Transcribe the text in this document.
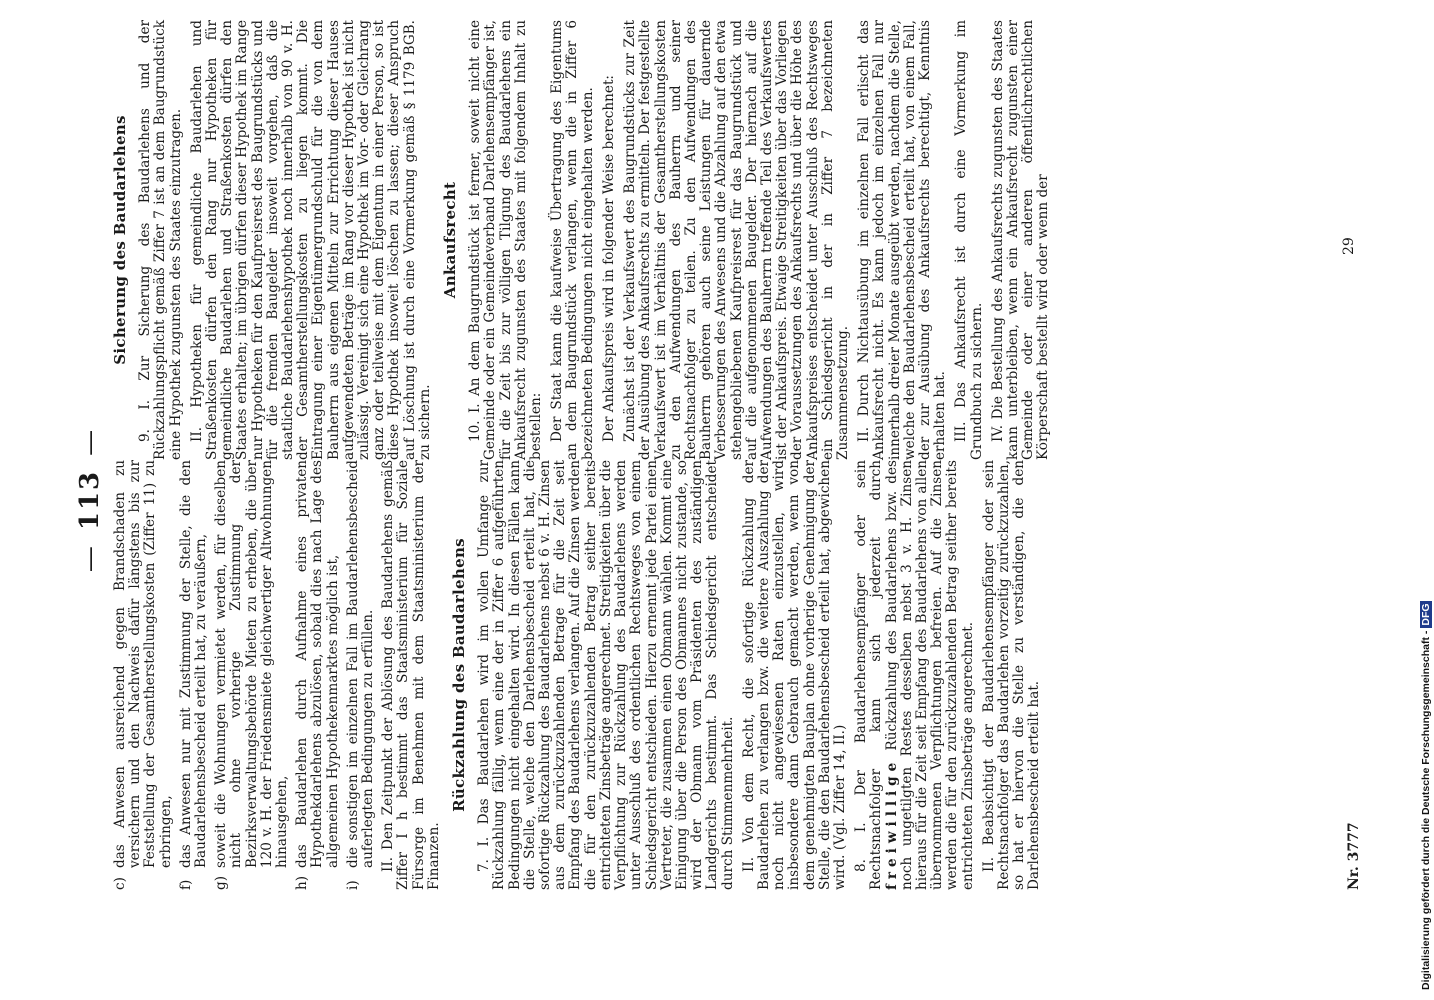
—113—
c)
das Anwesen ausreichend gegen Brandschaden zu versichern und den Nachweis dafür längstens bis zur Feststellung der Gesamtherstellungskosten (Ziffer 11) zu erbringen,
f)
das Anwesen nur mit Zustimmung der Stelle, die den Baudarlehensbescheid erteilt hat, zu veräußern,
g)
soweit die Wohnungen vermietet werden, für dieselben nicht ohne vorherige Zustimmung der Bezirksverwaltungsbehörde Mieten zu erheben, die über 120 v. H. der Friedensmiete gleichwertiger Altwohnungen hinausgehen,
h)
das Baudarlehen durch Aufnahme eines privaten Hypothekdarlehens abzulösen, sobald dies nach Lage des allgemeinen Hypothekenmarktes möglich ist,
i)
die sonstigen im einzelnen Fall im Baudarlehensbescheid auferlegten Bedingungen zu erfüllen. II. Den Zeitpunkt der Ablösung des Baudarlehens gemäß Ziffer I h bestimmt das Staatsministerium für Soziale Fürsorge im Benehmen mit dem Staatsministerium der Finanzen.

Rückzahlung des Baudarlehens 7. I. Das Baudarlehen wird im vollen Umfange zur Rückzahlung fällig, wenn eine der in Ziffer 6 aufgeführten Bedingungen nicht eingehalten wird. In diesen Fällen kann die Stelle, welche den Darlehensbescheid erteilt hat, die sofortige Rückzahlung des Baudarlehens nebst 6 v. H. Zinsen aus dem zurückzuzahlenden Betrage für die Zeit seit Empfang des Baudarlehens verlangen. Auf die Zinsen werden die für den zurückzuzahlenden Betrag seither bereits entrichteten Zinsbeträge angerechnet. Streitigkeiten über die Verpflichtung zur Rückzahlung des Baudarlehens werden unter Ausschluß des ordentlichen Rechtsweges von einem Schiedsgericht entschieden. Hierzu ernennt jede Partei einen Vertreter, die zusammen einen Obmann wählen. Kommt eine Einigung über die Person des Obmannes nicht zustande, so wird der Obmann vom Präsidenten des zuständigen Landgerichts bestimmt. Das Schiedsgericht entscheidet durch Stimmenmehrheit. II. Von dem Recht, die sofortige Rückzahlung der Baudarlehen zu verlangen bzw. die weitere Auszahlung der noch nicht angewiesenen Raten einzustellen, wird insbesondere dann Gebrauch gemacht werden, wenn von dem genehmigten Bauplan ohne vorherige Genehmigung der Stelle, die den Baudarlehensbescheid erteilt hat, abgewichen wird. (Vgl. Ziffer 14, II.) 8. I. Der Baudarlehensempfänger oder sein Rechtsnachfolger kann sich jederzeit durch freiwillige Rückzahlung des Baudarlehens bzw. des noch ungetilgten Restes desselben nebst 3 v. H. Zinsen hieraus für die Zeit seit Empfang des Baudarlehens von allen übernommenen Verpflichtungen befreien. Auf die Zinsen werden die für den zurückzuzahlenden Betrag seither bereits entrichteten Zinsbeträge angerechnet. II. Beabsichtigt der Baudarlehensempfänger oder sein Rechtsnachfolger das Baudarlehen vorzeitig zurückzuzahlen, so hat er hiervon die Stelle zu verständigen, die den Darlehensbescheid erteilt hat.

Sicherung des Baudarlehens 9. I. Zur Sicherung des Baudarlehens und der Rückzahlungspflicht gemäß Ziffer 7 ist an dem Baugrundstück eine Hypothek zugunsten des Staates einzutragen. II. Hypotheken für gemeindliche Baudarlehen und Straßenkosten dürfen den Rang nur Hypotheken für gemeindliche Baudarlehen und Straßenkosten dürfen den Staates erhalten; im übrigen dürfen dieser Hypothek im Range nur Hypotheken für den Kaufpreisrest des Baugrundstücks und für die fremden Baugelder insoweit vorgehen, daß die staatliche Baudarlehenshypothek noch innerhalb von 90 v. H. der Gesamtherstellungskosten zu liegen kommt. Die Eintragung einer Eigentümergrundschuld für die von dem Bauherrn aus eigenen Mitteln zur Errichtung dieser Hauses aufgewendeten Beträge im Rang vor dieser Hypothek ist nicht zulässig. Vereinigt sich eine Hypothek im Vor- oder Gleichrang ganz oder teilweise mit dem Eigentum in einer Person, so ist diese Hypothek insoweit löschen zu lassen; dieser Anspruch auf Löschung ist durch eine Vormerkung gemäß § 1179 BGB. zu sichern.

Ankaufsrecht 10. I. An dem Baugrundstück ist ferner, soweit nicht eine Gemeinde oder ein Gemeindeverband Darlehensempfänger ist, für die Zeit bis zur völligen Tilgung des Baudarlehens ein Ankaufsrecht zugunsten des Staates mit folgendem Inhalt zu bestellen: Der Staat kann die kaufweise Übertragung des Eigentums an dem Baugrundstück verlangen, wenn die in Ziffer 6 bezeichneten Bedingungen nicht eingehalten werden. Der Ankaufspreis wird in folgender Weise berechnet: Zunächst ist der Verkaufswert des Baugrundstücks zur Zeit der Ausübung des Ankaufsrechts zu ermitteln. Der festgestellte Verkaufswert ist im Verhältnis der Gesamtherstellungskosten zu den Aufwendungen des Bauherrn und seiner Rechtsnachfolger zu teilen. Zu den Aufwendungen des Bauherrn gehören auch seine Leistungen für dauernde Verbesserungen des Anwesens und die Abzahlung auf den etwa stehengebliebenen Kaufpreisrest für das Baugrundstück und auf die aufgenommenen Baugelder. Der hiernach auf die Aufwendungen des Bauherrn treffende Teil des Verkaufswertes ist der Ankaufspreis. Etwaige Streitigkeiten über das Vorliegen der Voraussetzungen des Ankaufsrechts und über die Höhe des Ankaufspreises entscheidet unter Ausschluß des Rechtsweges ein Schiedsgericht in der in Ziffer 7 bezeichneten Zusammensetzung. II. Durch Nichtausübung im einzelnen Fall erlischt das Ankaufsrecht nicht. Es kann jedoch im einzelnen Fall nur innerhalb dreier Monate ausgeübt werden, nachdem die Stelle, welche den Baudarlehensbescheid erteilt hat, von einem Fall, der zur Ausübung des Ankaufsrechts berechtigt, Kenntnis erhalten hat. III. Das Ankaufsrecht ist durch eine Vormerkung im Grundbuch zu sichern. IV. Die Bestellung des Ankaufsrechts zugunsten des Staates kann unterbleiben, wenn ein Ankaufsrecht zugunsten einer Gemeinde oder einer anderen öffentlichrechtlichen Körperschaft bestellt wird oder wenn der

Nr. 3777
29
Digitalisierung gefördert durch die Deutsche Forschungsgemeinschaft -DFG
